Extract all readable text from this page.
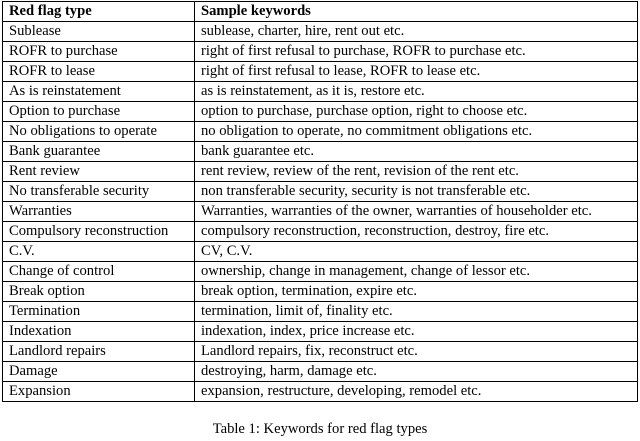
Red flag type	Sample keywords
Sublease	sublease, charter, hire, rent out etc.
ROFR to purchase	right of first refusal to purchase, ROFR to purchase etc.
ROFR to lease	right of first refusal to lease, ROFR to lease etc.
As is reinstatement	as is reinstatement, as it is, restore etc.
Option to purchase	option to purchase, purchase option, right to choose etc.
No obligations to operate	no obligation to operate, no commitment obligations etc.
Bank guarantee	bank guarantee etc.
Rent review	rent review, review of the rent, revision of the rent etc.
No transferable security	non transferable security, security is not transferable etc.
Warranties	Warranties, warranties of the owner, warranties of householder etc.
Compulsory reconstruction	compulsory reconstruction, reconstruction, destroy, fire etc.
C.V.	CV, C.V.
Change of control	ownership, change in management, change of lessor etc.
Break option	break option, termination, expire etc.
Termination	termination, limit of, finality etc.
Indexation	indexation, index, price increase etc.
Landlord repairs	Landlord repairs, fix, reconstruct etc.
Damage	destroying, harm, damage etc.
Expansion	expansion, restructure, developing, remodel etc.
Table 1: Keywords for red flag types
